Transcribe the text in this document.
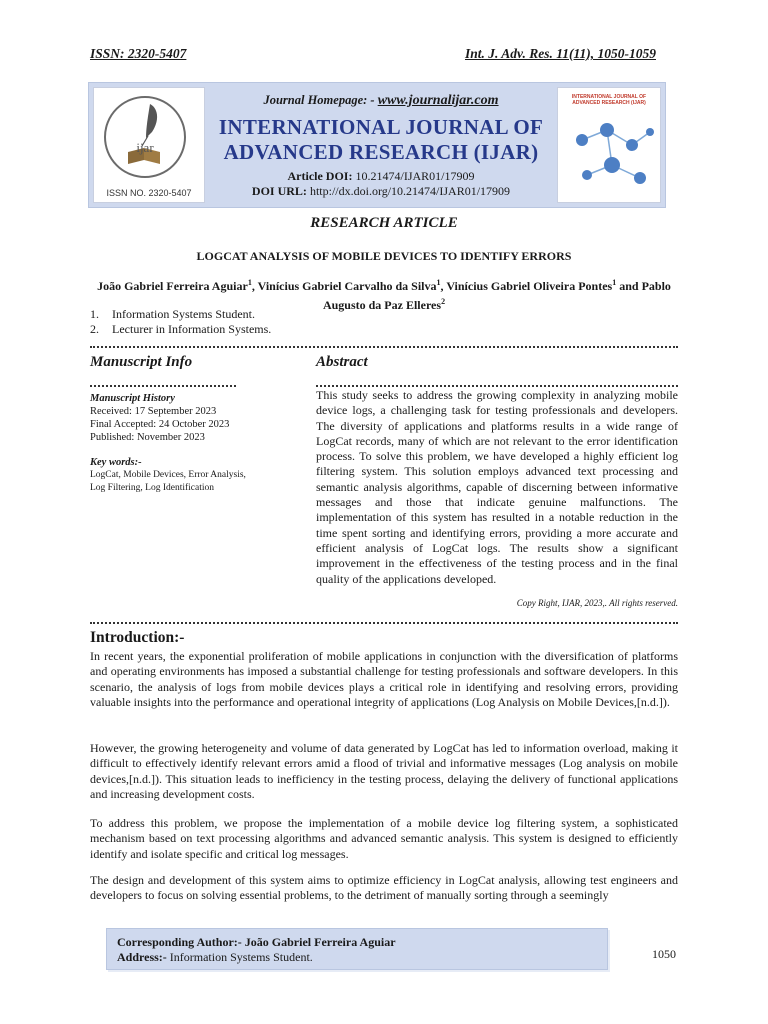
ISSN: 2320-5407	Int. J. Adv. Res. 11(11), 1050-1059
ijar
ISSN NO. 2320-5407
Journal Homepage: - www.journalijar.com
INTERNATIONAL JOURNAL OF
ADVANCED RESEARCH (IJAR)
Article DOI: 10.21474/IJAR01/17909
DOI URL: http://dx.doi.org/10.21474/IJAR01/17909
INTERNATIONAL JOURNAL OF ADVANCED RESEARCH (IJAR)
RESEARCH ARTICLE
LOGCAT ANALYSIS OF MOBILE DEVICES TO IDENTIFY ERRORS
João Gabriel Ferreira Aguiar$^1$, Vinícius Gabriel Carvalho da Silva$^1$, Vinícius Gabriel Oliveira Pontes$^1$ and Pablo Augusto da Paz Elleres$^2$
1. Information Systems Student.
2. Lecturer in Information Systems.
Manuscript Info	Abstract
Manuscript History
Received: 17 September 2023
Final Accepted: 24 October 2023
Published: November 2023
Key words:-
LogCat, Mobile Devices, Error Analysis,
Log Filtering, Log Identification
This study seeks to address the growing complexity in analyzing mobile device logs, a challenging task for testing professionals and developers. The diversity of applications and platforms results in a wide range of LogCat records, many of which are not relevant to the error identification process. To solve this problem, we have developed a highly efficient log filtering system. This solution employs advanced text processing and semantic analysis algorithms, capable of discerning between informative messages and those that indicate genuine malfunctions. The implementation of this system has resulted in a notable reduction in the time spent sorting and identifying errors, providing a more accurate and efficient analysis of LogCat logs. The results show a significant improvement in the effectiveness of the testing process and in the final quality of the applications developed.
Copy Right, IJAR, 2023,. All rights reserved.
Introduction:-
In recent years, the exponential proliferation of mobile applications in conjunction with the diversification of platforms and operating environments has imposed a substantial challenge for testing professionals and software developers. In this scenario, the analysis of logs from mobile devices plays a critical role in identifying and resolving errors, providing valuable insights into the performance and operational integrity of applications (Log Analysis on Mobile Devices,[n.d.]).
However, the growing heterogeneity and volume of data generated by LogCat has led to information overload, making it difficult to effectively identify relevant errors amid a flood of trivial and informative messages (Log analysis on mobile devices,[n.d.]). This situation leads to inefficiency in the testing process, delaying the delivery of functional applications and increasing development costs.
To address this problem, we propose the implementation of a mobile device log filtering system, a sophisticated mechanism based on text processing algorithms and advanced semantic analysis. This system is designed to efficiently identify and isolate specific and critical log messages.
The design and development of this system aims to optimize efficiency in LogCat analysis, allowing test engineers and developers to focus on solving essential problems, to the detriment of manually sorting through a seemingly
Corresponding Author:- João Gabriel Ferreira Aguiar
Address:- Information Systems Student.	1050
